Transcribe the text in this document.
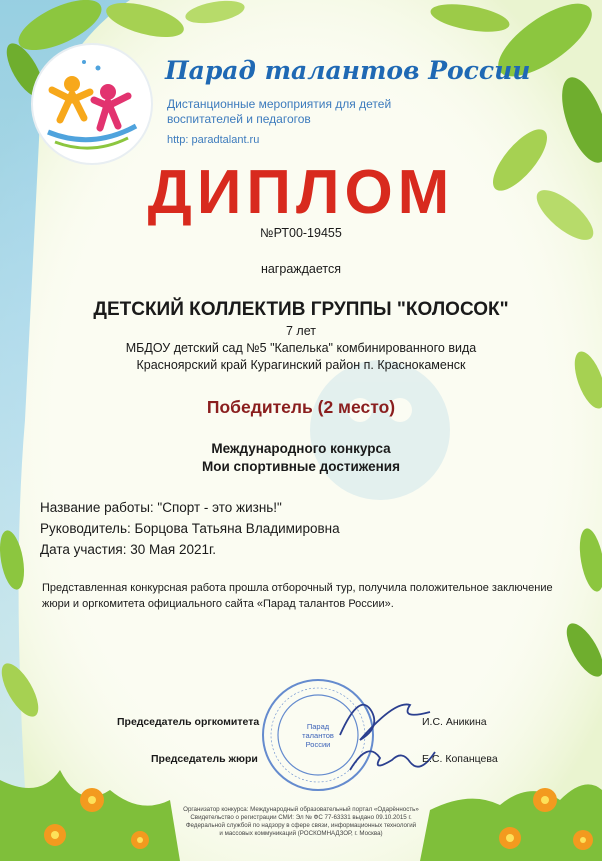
Парад талантов России
Дистанционные мероприятия для детей воспитателей и педагогов
http: paradtalant.ru
ДИПЛОМ
№РТ00-19455
награждается
ДЕТСКИЙ КОЛЛЕКТИВ ГРУППЫ "КОЛОСОК"
7 лет
МБДОУ детский сад №5 "Капелька" комбинированного вида
Красноярский край Курагинский район п. Краснокаменск
Победитель (2 место)
Международного конкурса
Мои спортивные достижения
Название работы: "Спорт - это жизнь!"
Руководитель: Борцова Татьяна Владимировна
Дата участия: 30 Мая 2021г.
Представленная конкурсная работа прошла отборочный тур, получила положительное заключение жюри и оргкомитета официального сайта «Парад талантов России».
Председатель оргкомитета	И.С. Аникина
Председатель жюри	Е.С. Копанцева
Парад талантов России
Организатор конкурса: Международный образовательный портал «Одарённость»
Свидетельство о регистрации СМИ: Эл № ФС 77-63331 выдано 09.10.2015 г.
Федеральной службой по надзору в сфере связи, информационных технологий
и массовых коммуникаций (РОСКОМНАДЗОР, г. Москва)
